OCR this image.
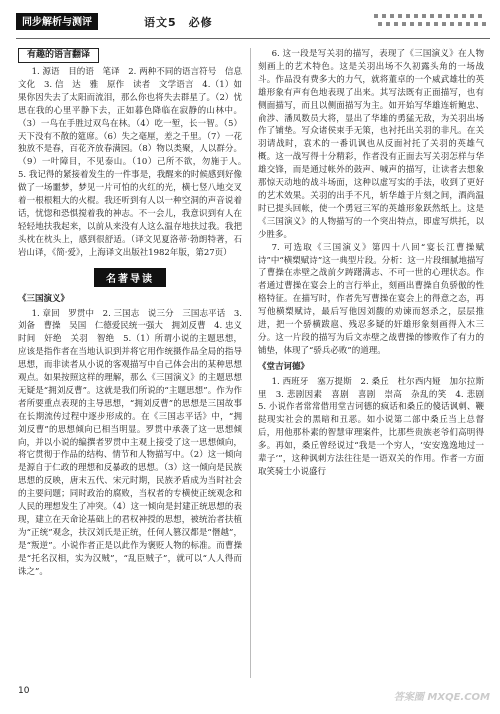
同步解析与测评	语文5　必修
有趣的语言翻译

1. 源语　目的语　笔译　2. 两种不同的语言符号　信息　文化　3. 信　达　雅　原作　读者　文学语言　4.（1）如果你因失去了太阳而流泪，那么你也将失去群星了。（2）忧思在我的心里平静下去，正如暮色降临在寂静的山林中。（3）一鸟在手胜过双鸟在林。（4）吃一堑，长一智。（5）天下没有不散的筵席。（6）失之毫厘，差之千里。（7）一花独放不是春，百花齐放春满园。（8）物以类聚，人以群分。（9）一叶障目，不见泰山。（10）己所不欲，勿施于人。　5. 我记得的紧接着发生的一件事是，我醒来的时候感到好像做了一场噩梦，梦见一片可怕的火红的光，横七竖八地交叉着一根根粗大的火棍。我还听到有人以一种空洞的声音说着话，忧惚和恐惧搅着我的神志。不一会儿，我意识到有人在轻轻地扶我起来，以前从来没有人这么温存地扶过我。我把头枕在枕头上，感到很舒适。（译文见夏洛蒂·勃朗特著，石岩山译，《简·爱》，上海译文出版社1982年版，第27页）

名著导读
《三国演义》

1. 章回　罗贯中　2. 三国志　说三分　三国志平话　3. 刘备　曹操　吴国　仁德爱民统一强大　拥刘反曹　4. 忠义　时间　奸绝　关羽　智绝　5.（1）所谓小说的主题思想，应该是指作者在当地认识到并将它用作统摄作品全局的指导思想，而非读者从小说的客观描写中自己体会出的某种思想观点。如果按照这样的理解，那么《三国演义》的主题思想无疑是“拥刘反曹”。这就是我们所说的“主题思想”。作为作者所要重点表现的主导思想，“拥刘反曹”的思想是三国故事在长期流传过程中逐步形成的。在《三国志平话》中，“拥刘反曹”的思想倾向已相当明显。罗贯中承袭了这一思想倾向，并以小说的编撰者罗贯中主观上接受了这一思想倾向，将它贯彻于作品的结构、情节和人物描写中。（2）这一倾向是源自于仁政的理想和反暴政的思想。（3）这一倾向是民族思想的反映，唐末五代、宋元时期，民族矛盾成为当时社会的主要问题；同时政治的腐败，当权者的专横使正统观念和人民的理想发生了冲突。（4）这一倾向是封建正统思想的表现，建立在天命论基础上的君权神授的思想，被统治者扶植为“正统”观念，扶汉刘氏是正统，任何人篡汉都是“僭越”，是“叛逆”。小说作者正是以此作为褒贬人物的标准。而曹操是“托名汉相，实为汉贼”，“乱臣贼子”，就可以“人人得而诛之”。

6. 这一段是写关羽的描写，表现了《三国演义》在人物刻画上的艺术特色。这是关羽出场不久初露头角的一场战斗。作品没有费多大的力气，就将董卓的一个威武雄壮的英雄形象有声有色地表现了出来。其写法既有正面描写，也有侧面描写，而且以侧面描写为主。如开始写华雄连斩鲍忠、俞涉、潘凤数员大将，显出了华雄的勇猛无敌，为关羽出场作了铺垫。写众诸侯束手无策，也衬托出关羽的非凡。在关羽请战时，袁术的一番讥讽也从反面衬托了关羽的英雄气概。这一战写得十分精彩，作者没有正面去写关羽怎样与华雄交锋，而是通过帐外的鼓声、喊声的描写，让读者去想象那惊天动地的战斗场面，这种以虚写实的手法，收到了更好的艺术效果。关羽的出手不凡，斩华雄于片刻之间，酒尚温时已提头回帐，使一个勇冠三军的英雄形象跃然纸上。这是《三国演义》的人物描写的一个突出特点，即虚写烘托，以少胜多。

7. 可选取《三国演义》第四十八回“宴长江曹操赋诗”中“横槊赋诗”这一典型片段。分析：这一片段细腻地描写了曹操在赤壁之战前夕踌躇满志、不可一世的心理状态。作者通过曹操在宴会上的言行举止，刻画出曹操自负骄傲的性格特征。在描写时，作者先写曹操在宴会上的得意之态，再写他横槊赋诗，最后写他因刘馥的劝谏而怒杀之，层层推进，把一个骄横跋扈、残忍多疑的奸雄形象刻画得入木三分。这一片段的描写为后文赤壁之战曹操的惨败作了有力的铺垫，体现了“骄兵必败”的道理。

《堂吉诃德》

1. 西班牙　塞万提斯　2. 桑丘　杜尔西内娅　加尔拉斯里　3. 悲剧因素　喜剧　喜剧　崇高　杂乱的笑　4. 悲剧　5. 小说作者常常借用堂吉诃德的疯话和桑丘的傻话讽刺、鞭挞现实社会的黑暗和丑恶。如小说第二部中桑丘当上总督后，用他那朴素的智慧审理案件，比那些贵族老爷们高明得多。再如，桑丘曾经说过“我是一个穷人，‘安安逸逸地过一辈子’”，这种讽刺方法往往是一语双关的作用。作者一方面取笑骑士小说盛行

10
答案圈 MXQE.COM
